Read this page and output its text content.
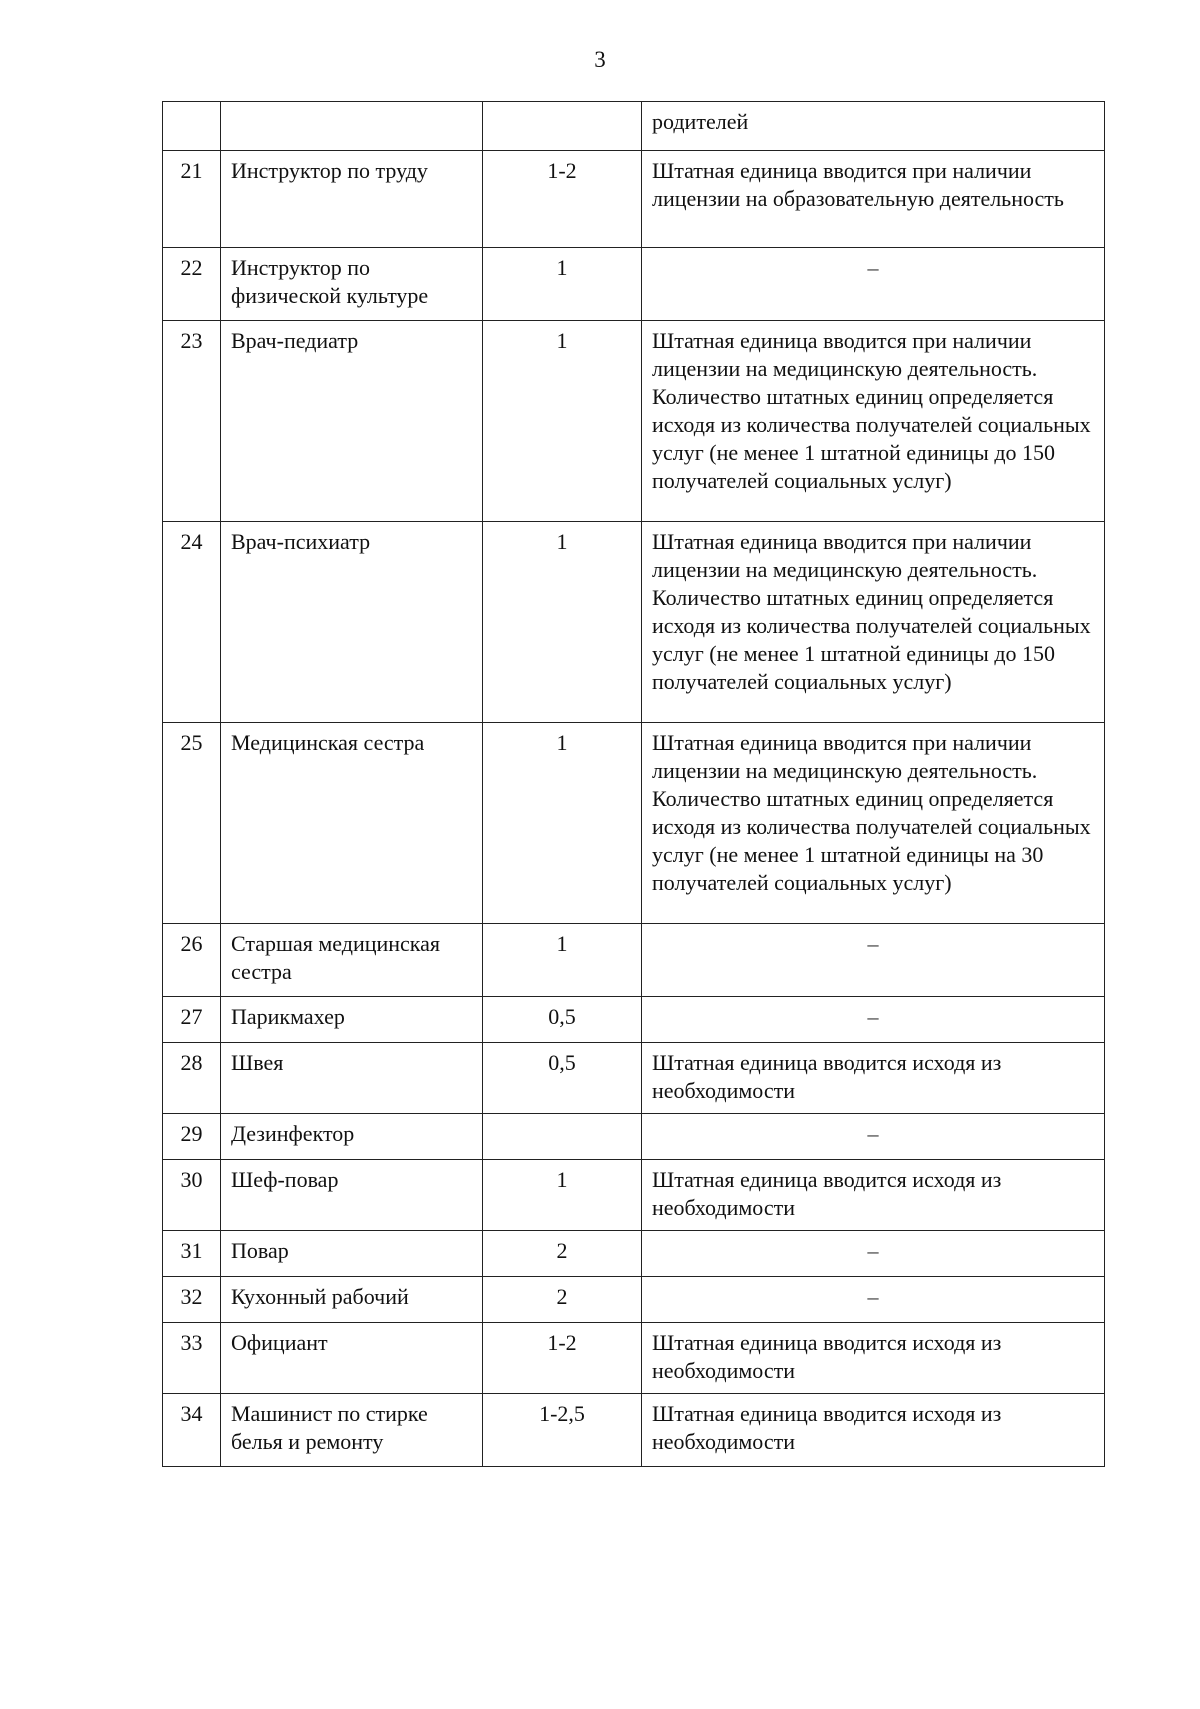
3
			родителей
21	Инструктор по труду	1-2	Штатная единица вводится при наличии лицензии на образовательную деятельность
22	Инструктор по физической культуре	1	–
23	Врач-педиатр	1	Штатная единица вводится при наличии лицензии на медицинскую деятельность. Количество штатных единиц определяется исходя из количества получателей социальных услуг (не менее 1 штатной единицы до 150 получателей социальных услуг)
24	Врач-психиатр	1	Штатная единица вводится при наличии лицензии на медицинскую деятельность. Количество штатных единиц определяется исходя из количества получателей социальных услуг (не менее 1 штатной единицы до 150 получателей социальных услуг)
25	Медицинская сестра	1	Штатная единица вводится при наличии лицензии на медицинскую деятельность. Количество штатных единиц определяется исходя из количества получателей социальных услуг (не менее 1 штатной единицы на 30 получателей социальных услуг)
26	Старшая медицинская сестра	1	–
27	Парикмахер	0,5	–
28	Швея	0,5	Штатная единица вводится исходя из необходимости
29	Дезинфектор		–
30	Шеф-повар	1	Штатная единица вводится исходя из необходимости
31	Повар	2	–
32	Кухонный рабочий	2	–
33	Официант	1-2	Штатная единица вводится исходя из необходимости
34	Машинист по стирке белья и ремонту	1-2,5	Штатная единица вводится исходя из необходимости
